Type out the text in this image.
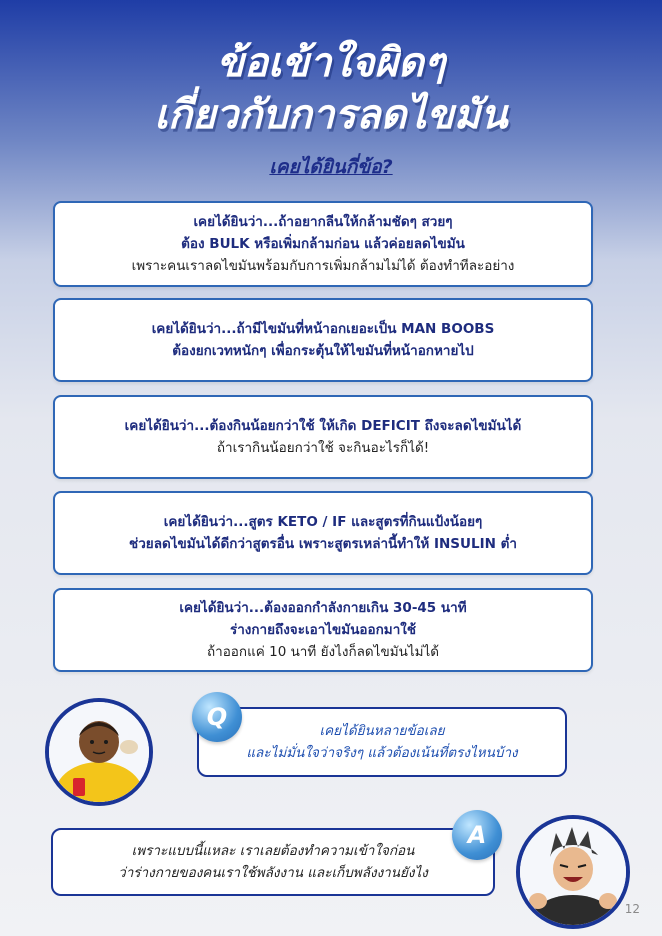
ข้อเข้าใจผิดๆ
เกี่ยวกับการลดไขมัน
เคยได้ยินกี่ข้อ?
เคยได้ยินว่า...ถ้าอยากลีนให้กล้ามชัดๆ สวยๆ
ต้อง BULK หรือเพิ่มกล้ามก่อน แล้วค่อยลดไขมัน
เพราะคนเราลดไขมันพร้อมกับการเพิ่มกล้ามไม่ได้ ต้องทำทีละอย่าง
เคยได้ยินว่า...ถ้ามีไขมันที่หน้าอกเยอะเป็น MAN BOOBS
ต้องยกเวทหนักๆ เพื่อกระตุ้นให้ไขมันที่หน้าอกหายไป
เคยได้ยินว่า...ต้องกินน้อยกว่าใช้ ให้เกิด DEFICIT ถึงจะลดไขมันได้
ถ้าเรากินน้อยกว่าใช้ จะกินอะไรก็ได้!
เคยได้ยินว่า...สูตร KETO / IF และสูตรที่กินแป้งน้อยๆ
ช่วยลดไขมันได้ดีกว่าสูตรอื่น เพราะสูตรเหล่านี้ทำให้ INSULIN ต่ำ
เคยได้ยินว่า...ต้องออกกำลังกายเกิน 30-45 นาที
ร่างกายถึงจะเอาไขมันออกมาใช้
ถ้าออกแค่ 10 นาที ยังไงก็ลดไขมันไม่ได้
เคยได้ยินหลายข้อเลย
และไม่มั่นใจว่าจริงๆ แล้วต้องเน้นที่ตรงไหนบ้าง
Q
เพราะแบบนี้แหละ เราเลยต้องทำความเข้าใจก่อน
ว่าร่างกายของคนเราใช้พลังงาน และเก็บพลังงานยังไง
A
12
